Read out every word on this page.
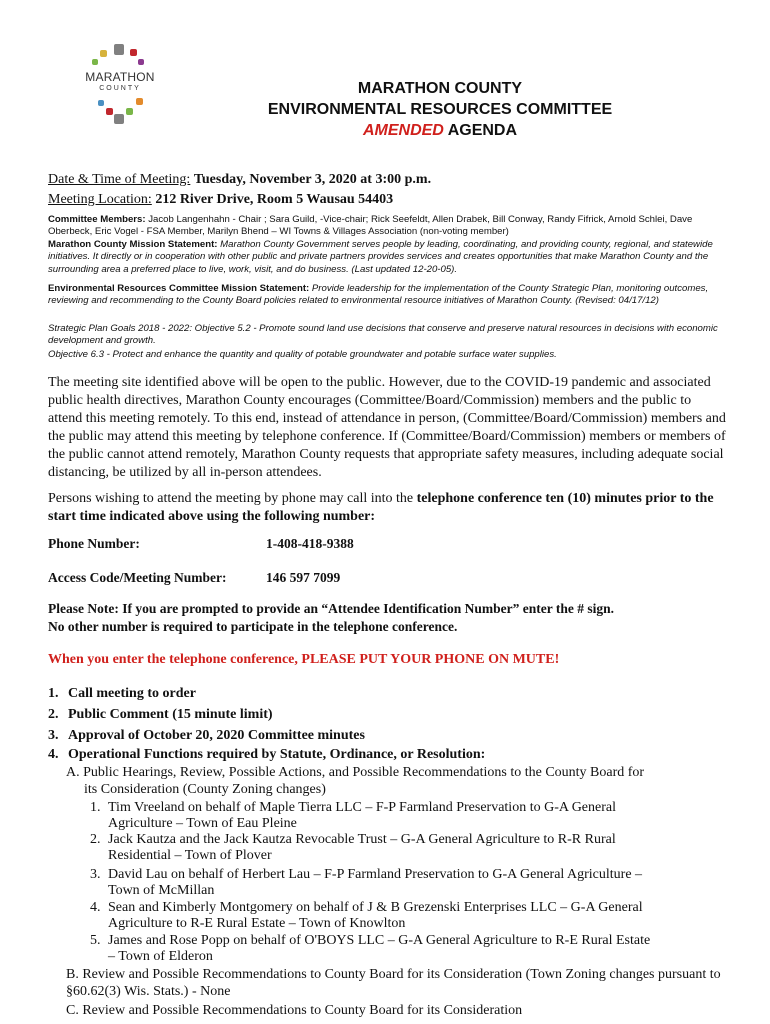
MARATHON
COUNTY	MARATHON COUNTY
ENVIRONMENTAL RESOURCES COMMITTEE
AMENDED AGENDA
Date & Time of Meeting: Tuesday, November 3, 2020 at 3:00 p.m.
Meeting Location: 212 River Drive, Room 5 Wausau 54403
Committee Members: Jacob Langenhahn - Chair ; Sara Guild, -Vice-chair; Rick Seefeldt, Allen Drabek, Bill Conway, Randy Fifrick, Arnold Schlei, Dave Oberbeck, Eric Vogel - FSA Member, Marilyn Bhend – WI Towns & Villages Association (non-voting member)
Marathon County Mission Statement: Marathon County Government serves people by leading, coordinating, and providing county, regional, and statewide initiatives. It directly or in cooperation with other public and private partners provides services and creates opportunities that make Marathon County and the surrounding area a preferred place to live, work, visit, and do business. (Last updated 12-20-05).
Environmental Resources Committee Mission Statement: Provide leadership for the implementation of the County Strategic Plan, monitoring outcomes, reviewing and recommending to the County Board policies related to environmental resource initiatives of Marathon County. (Revised: 04/17/12)
Strategic Plan Goals 2018 - 2022: Objective 5.2 - Promote sound land use decisions that conserve and preserve natural resources in decisions with economic development and growth.
Objective 6.3 - Protect and enhance the quantity and quality of potable groundwater and potable surface water supplies.
The meeting site identified above will be open to the public. However, due to the COVID-19 pandemic and associated public health directives, Marathon County encourages (Committee/Board/Commission) members and the public to attend this meeting remotely. To this end, instead of attendance in person, (Committee/Board/Commission) members and the public may attend this meeting by telephone conference. If (Committee/Board/Commission) members or members of the public cannot attend remotely, Marathon County requests that appropriate safety measures, including adequate social distancing, be utilized by all in-person attendees.
Persons wishing to attend the meeting by phone may call into the telephone conference ten (10) minutes prior to the start time indicated above using the following number:
Phone Number:	1-408-418-9388
Access Code/Meeting Number:	146 597 7099
Please Note: If you are prompted to provide an “Attendee Identification Number” enter the # sign.
No other number is required to participate in the telephone conference.
When you enter the telephone conference, PLEASE PUT YOUR PHONE ON MUTE!
1. Call meeting to order
2. Public Comment (15 minute limit)
3. Approval of October 20, 2020 Committee minutes
4. Operational Functions required by Statute, Ordinance, or Resolution:
A. Public Hearings, Review, Possible Actions, and Possible Recommendations to the County Board for
its Consideration (County Zoning changes)
1. Tim Vreeland on behalf of Maple Tierra LLC – F-P Farmland Preservation to G-A General
Agriculture – Town of Eau Pleine
2. Jack Kautza and the Jack Kautza Revocable Trust – G-A General Agriculture to R-R Rural
Residential – Town of Plover
3. David Lau on behalf of Herbert Lau – F-P Farmland Preservation to G-A General Agriculture –
Town of McMillan
4. Sean and Kimberly Montgomery on behalf of J & B Grezenski Enterprises LLC – G-A General
Agriculture to R-E Rural Estate – Town of Knowlton
5. James and Rose Popp on behalf of O'BOYS LLC – G-A General Agriculture to R-E Rural Estate
– Town of Elderon
B. Review and Possible Recommendations to County Board for its Consideration (Town Zoning changes pursuant to
§60.62(3) Wis. Stats.) - None
C. Review and Possible Recommendations to County Board for its Consideration
